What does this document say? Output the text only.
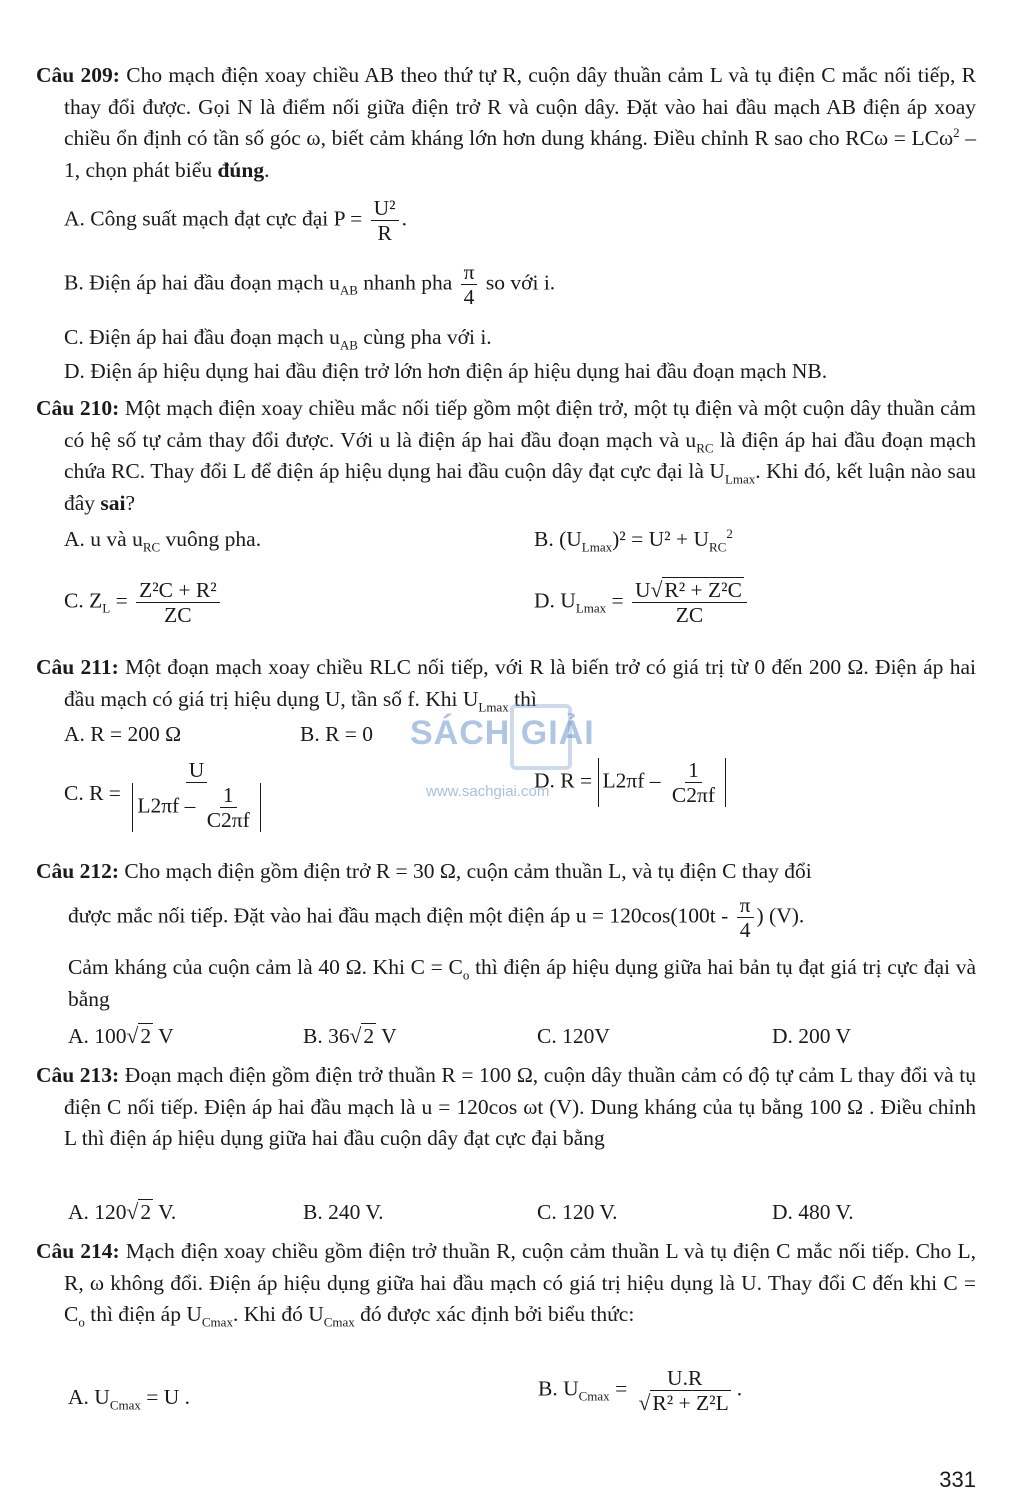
Câu 209: Cho mạch điện xoay chiều AB theo thứ tự R, cuộn dây thuần cảm L và tụ điện C mắc nối tiếp, R thay đổi được. Gọi N là điểm nối giữa điện trở R và cuộn dây. Đặt vào hai đầu mạch AB điện áp xoay chiều ổn định có tần số góc ω, biết cảm kháng lớn hơn dung kháng. Điều chỉnh R sao cho RCω = LCω$^2$ – 1, chọn phát biểu đúng.

A. Công suất mạch đạt cực đại $P = \frac{\text{U²}}{R}$ .
B. Điện áp hai đầu đoạn mạch $u_{AB}$ nhanh pha $\frac{\pi}{4}$ so với i.
C. Điện áp hai đầu đoạn mạch $u_{AB}$ cùng pha với i.
D. Điện áp hiệu dụng hai đầu điện trở lớn hơn điện áp hiệu dụng hai đầu đoạn mạch NB.

Câu 210: Một mạch điện xoay chiều mắc nối tiếp gồm một điện trở, một tụ điện và một cuộn dây thuần cảm có hệ số tự cảm thay đổi được. Với u là điện áp hai đầu đoạn mạch và $u_{RC}$ là điện áp hai đầu đoạn mạch chứa RC. Thay đổi L để điện áp hiệu dụng hai đầu cuộn dây đạt cực đại là $U_{Lmax}$. Khi đó, kết luận nào sau đây sai?

A. u và $u_{RC}$ vuông pha.	B. $(U_{Lmax})^2 = U^2 + U_{RC}^2$
C. $Z_L = \frac{\text{Z²C + R²}}{ZC}$	D. $U_{Lmax} = \frac{\text{U√R² + Z²C}}{ZC}$

Câu 211: Một đoạn mạch xoay chiều RLC nối tiếp, với R là biến trở có giá trị từ 0 đến 200 Ω. Điện áp hai đầu mạch có giá trị hiệu dụng U, tần số f. Khi $U_{Lmax}$ thì

A. R = 200 Ω	B. R = 0
C. $R = \frac{U}{L2\pi f - \frac{1}{C2\pi f}}$	D. $R = L2\pi f - \frac{1}{C2\pi f}$

Câu 212: Cho mạch điện gồm điện trở R = 30 Ω, cuộn cảm thuần L, và tụ điện C thay đổi

được mắc nối tiếp. Đặt vào hai đầu mạch điện một điện áp $u = 120\cos(100t - \frac{\pi}{4}$ ) (V).

Cảm kháng của cuộn cảm là 40 Ω. Khi $C = C_o$ thì điện áp hiệu dụng giữa hai bản tụ đạt giá trị cực đại và bằng

A. 100√2 V	B. 36√2 V	C. 120V	D. 200 V

Câu 213: Đoạn mạch điện gồm điện trở thuần R = 100 Ω, cuộn dây thuần cảm có độ tự cảm L thay đổi và tụ điện C nối tiếp. Điện áp hai đầu mạch là u = 120cos ωt (V). Dung kháng của tụ bằng 100 Ω . Điều chỉnh L thì điện áp hiệu dụng giữa hai đầu cuộn dây đạt cực đại bằng

A. 120√2 V.	B. 240 V.	C. 120 V.	D. 480 V.

Câu 214: Mạch điện xoay chiều gồm điện trở thuần R, cuộn cảm thuần L và tụ điện C mắc nối tiếp. Cho L, R, ω không đổi. Điện áp hiệu dụng giữa hai đầu mạch có giá trị hiệu dụng là U. Thay đổi C đến khi $C = C_o$ thì điện áp $U_{Cmax}$. Khi đó $U_{Cmax}$ đó được xác định bởi biểu thức:

A. $U_{Cmax} = U$ .	B. $U_{Cmax} = \frac{U.R}{\text{√R² + Z²L}}$ .
SÁCH GIẢI
www.sachgiai.com
331
